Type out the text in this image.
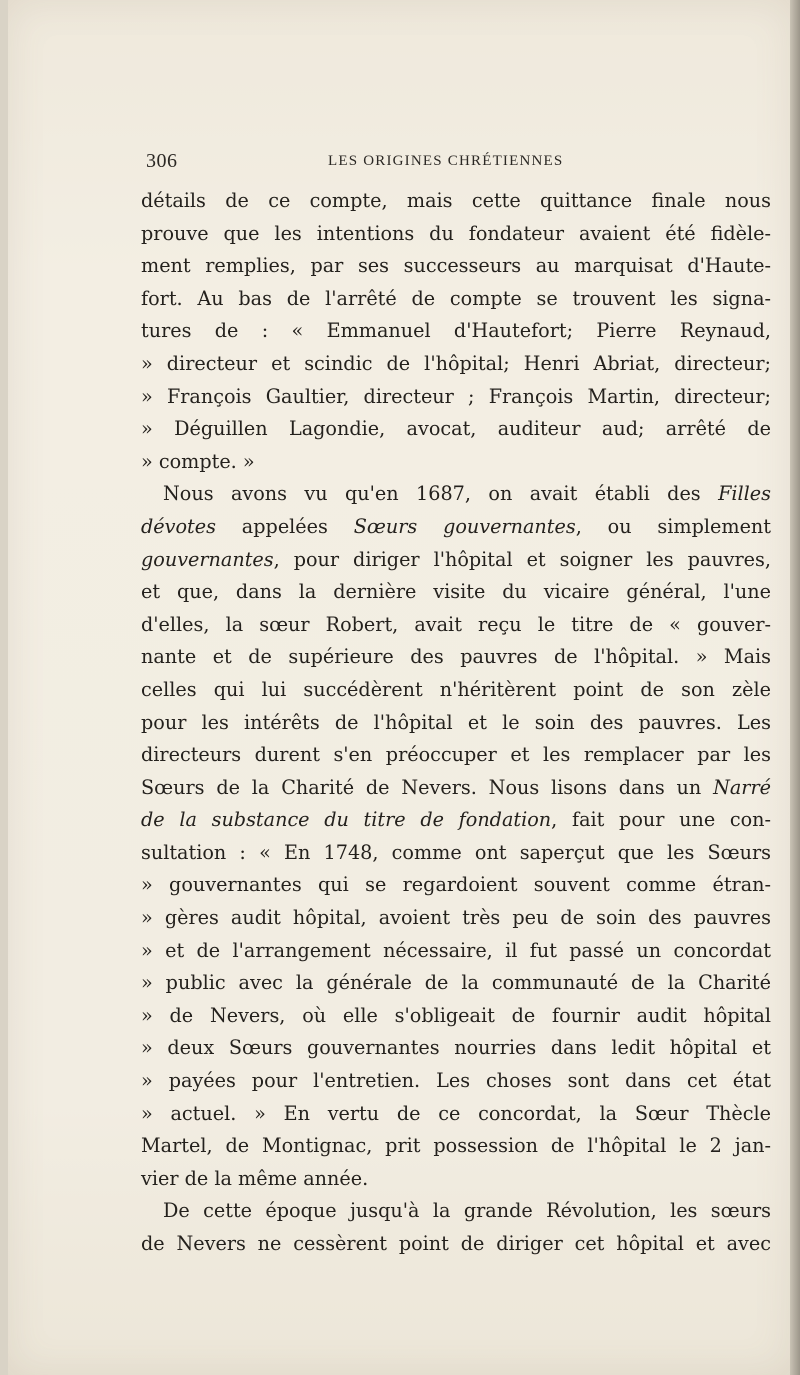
306	LES ORIGINES CHRÉTIENNES
détails de ce compte, mais cette quittance finale nous
prouve que les intentions du fondateur avaient été fidèle-
ment remplies, par ses successeurs au marquisat d'Haute-
fort. Au bas de l'arrêté de compte se trouvent les signa-
tures de : « Emmanuel d'Hautefort; Pierre Reynaud,
» directeur et scindic de l'hôpital; Henri Abriat, directeur;
» François Gaultier, directeur ; François Martin, directeur;
» Déguillen Lagondie, avocat, auditeur aud; arrêté de
» compte. »
Nous avons vu qu'en 1687, on avait établi des Filles
dévotes appelées Sœurs gouvernantes, ou simplement
gouvernantes, pour diriger l'hôpital et soigner les pauvres,
et que, dans la dernière visite du vicaire général, l'une
d'elles, la sœur Robert, avait reçu le titre de « gouver-
nante et de supérieure des pauvres de l'hôpital. » Mais
celles qui lui succédèrent n'héritèrent point de son zèle
pour les intérêts de l'hôpital et le soin des pauvres. Les
directeurs durent s'en préoccuper et les remplacer par les
Sœurs de la Charité de Nevers. Nous lisons dans un Narré
de la substance du titre de fondation, fait pour une con-
sultation : « En 1748, comme ont saperçut que les Sœurs
» gouvernantes qui se regardoient souvent comme étran-
» gères audit hôpital, avoient très peu de soin des pauvres
» et de l'arrangement nécessaire, il fut passé un concordat
» public avec la générale de la communauté de la Charité
» de Nevers, où elle s'obligeait de fournir audit hôpital
» deux Sœurs gouvernantes nourries dans ledit hôpital et
» payées pour l'entretien. Les choses sont dans cet état
» actuel. » En vertu de ce concordat, la Sœur Thècle
Martel, de Montignac, prit possession de l'hôpital le 2 jan-
vier de la même année.
De cette époque jusqu'à la grande Révolution, les sœurs
de Nevers ne cessèrent point de diriger cet hôpital et avec
